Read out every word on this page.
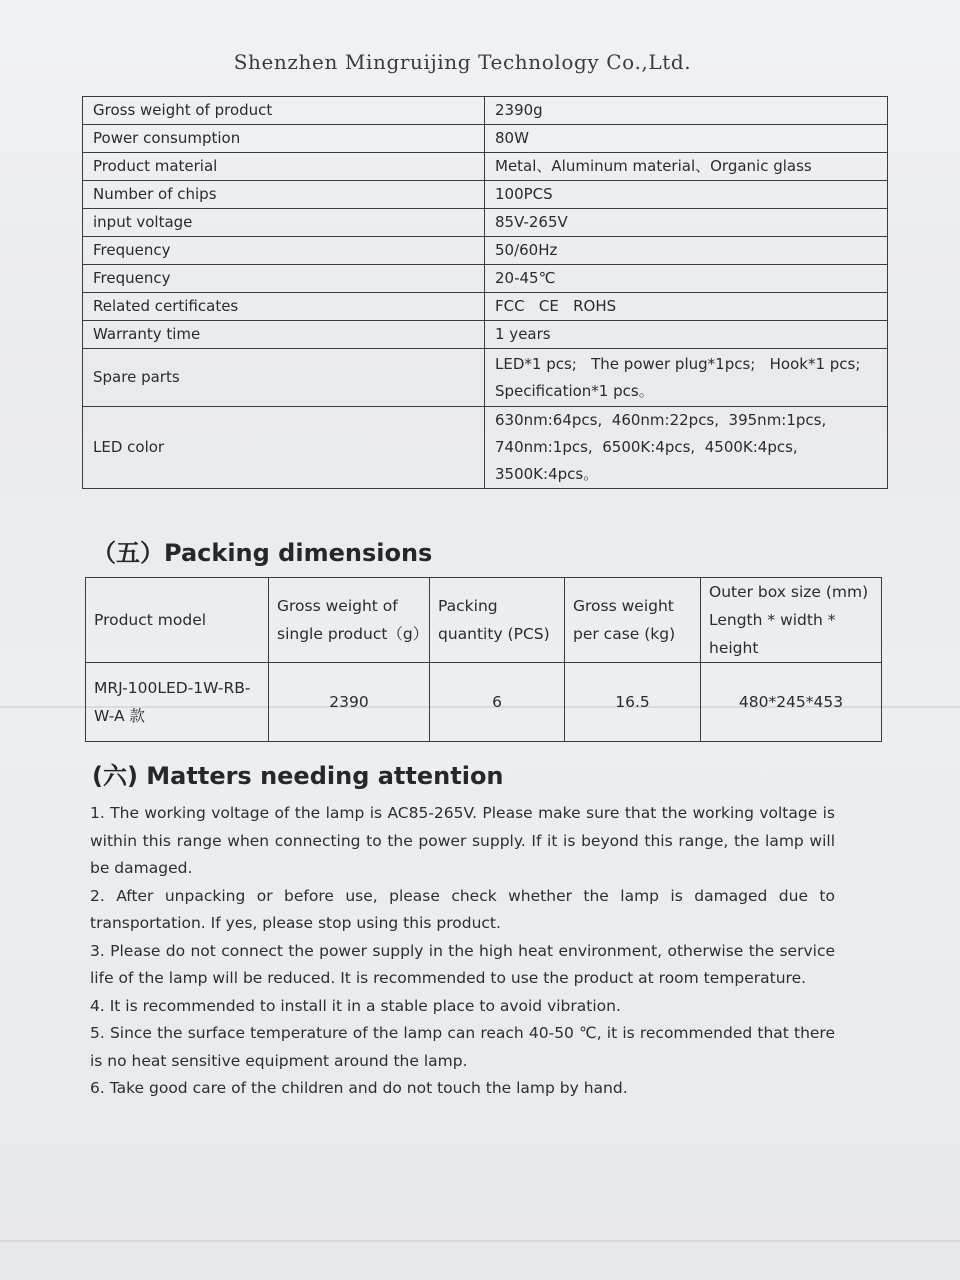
Shenzhen Mingruijing Technology Co.,Ltd.
Gross weight of product	2390g
Power consumption	80W
Product material	Metal、Aluminum material、Organic glass
Number of chips	100PCS
input voltage	85V-265V
Frequency	50/60Hz
Frequency	20-45℃
Related certificates	FCC   CE   ROHS
Warranty time	1 years
Spare parts	LED*1 pcs;   The power plug*1pcs;   Hook*1 pcs; Specification*1 pcs。
LED color	630nm:64pcs,  460nm:22pcs,  395nm:1pcs,  740nm:1pcs,  6500K:4pcs,  4500K:4pcs,  3500K:4pcs。
（五）Packing dimensions
Product model	Gross weight of single product（g）	Packing quantity (PCS)	Gross weight per case (kg)	Outer box size (mm) Length * width * height
MRJ-100LED-1W-RB-W-A 款	2390	6	16.5	480*245*453
(六) Matters needing attention

1. The working voltage of the lamp is AC85-265V. Please make sure that the working voltage is within this range when connecting to the power supply. If it is beyond this range, the lamp will be damaged.

2. After unpacking or before use, please check whether the lamp is damaged due to transportation. If yes, please stop using this product.

3. Please do not connect the power supply in the high heat environment, otherwise the service life of the lamp will be reduced. It is recommended to use the product at room temperature.

4. It is recommended to install it in a stable place to avoid vibration.

5. Since the surface temperature of the lamp can reach 40-50 ℃, it is recommended that there is no heat sensitive equipment around the lamp.

6. Take good care of the children and do not touch the lamp by hand.
